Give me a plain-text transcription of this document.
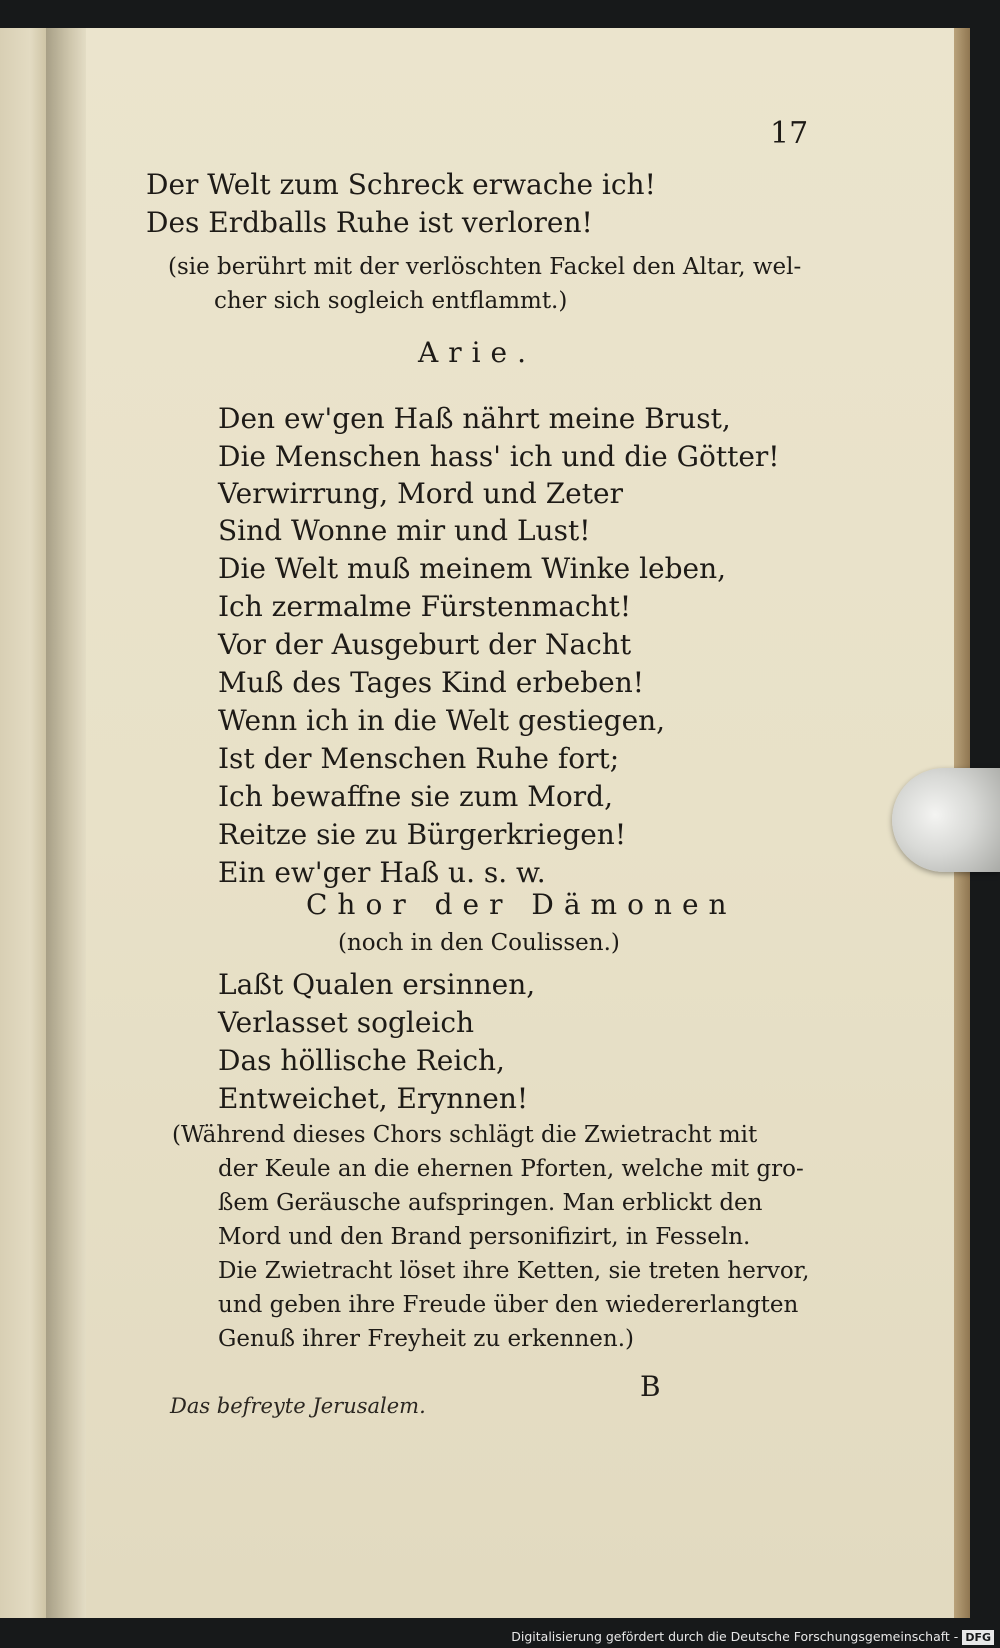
17
Der Welt zum Schreck erwache ich!
Des Erdballs Ruhe ist verloren!
(sie berührt mit der verlöschten Fackel den Altar, wel-
cher sich sogleich entflammt.)
Arie.
Den ew'gen Haß nährt meine Brust,
Die Menschen hass' ich und die Götter!
Verwirrung, Mord und Zeter
Sind Wonne mir und Lust!
Die Welt muß meinem Winke leben,
Ich zermalme Fürstenmacht!
Vor der Ausgeburt der Nacht
Muß des Tages Kind erbeben!
Wenn ich in die Welt gestiegen,
Ist der Menschen Ruhe fort;
Ich bewaffne sie zum Mord,
Reitze sie zu Bürgerkriegen!
Ein ew'ger Haß u. s. w.
Chor der Dämonen
(noch in den Coulissen.)
Laßt Qualen ersinnen,
Verlasset sogleich
Das höllische Reich,
Entweichet, Erynnen!
(Während dieses Chors schlägt die Zwietracht mit
der Keule an die ehernen Pforten, welche mit gro-
ßem Geräusche aufspringen. Man erblickt den
Mord und den Brand personifizirt, in Fesseln.
Die Zwietracht löset ihre Ketten, sie treten hervor,
und geben ihre Freude über den wiedererlangten
Genuß ihrer Freyheit zu erkennen.)
B
Das befreyte Jerusalem.
Digitalisierung gefördert durch die Deutsche Forschungsgemeinschaft - DFG
